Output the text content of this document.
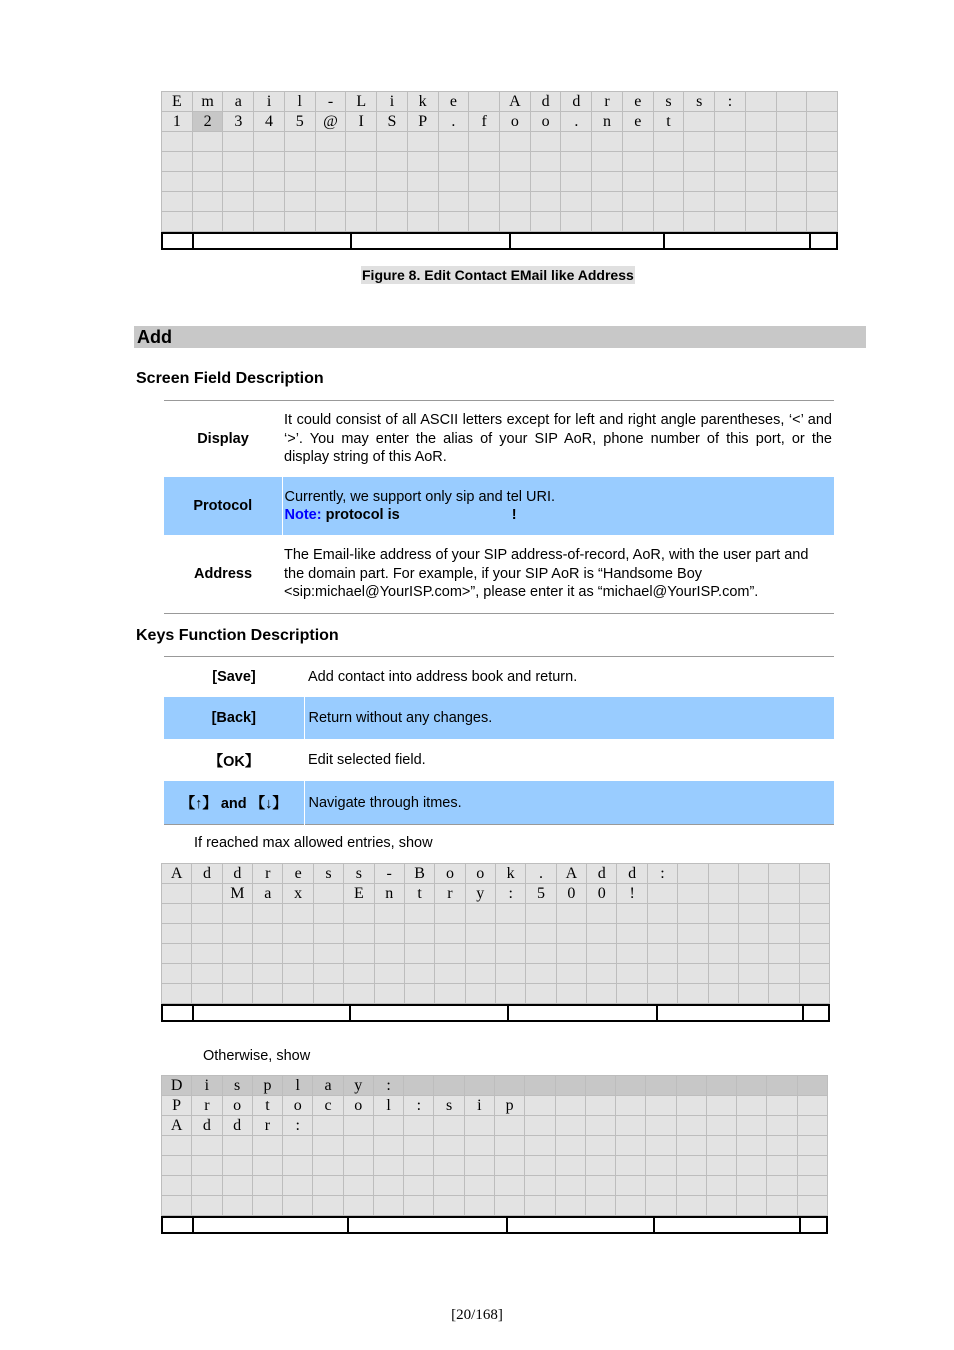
E	m	a	i	l	-	L	i	k	e	A	d	d	r	e	s	s	:
1	2	3	4	5	@	I	S	P	.	f	o	o	.	n	e	t
Figure 8. Edit Contact EMail like Address
Add
Screen Field Description
Display	It could consist of all ASCII letters except for left and right angle parentheses, ‘<’ and ‘>’. You may enter the alias of your SIP AoR, phone number of this port, or the display string of this AoR.
Protocol	Currently, we support only sip and tel URI.
Note: protocol is !

Address	The Email-like address of your SIP address-of-record, AoR, with the user part and the domain part. For example, if your SIP AoR is “Handsome Boy <sip:michael@YourISP.com>”, please enter it as “michael@YourISP.com”.
Keys Function Description
[Save]	Add contact into address book and return.
[Back]	Return without any changes.
【OK】	Edit selected field.
【↑】 and 【↓】	Navigate through itmes.
If reached max allowed entries, show
A	d	d	r	e	s	s	-	B	o	o	k	.	A	d	d	:
M	a	x	E	n	t	r	y	:	5	0	0	!
Otherwise, show
D	i	s	p	l	a	y	:
P	r	o	t	o	c	o	l	:	s	i	p
A	d	d	r	:
[20/168]
